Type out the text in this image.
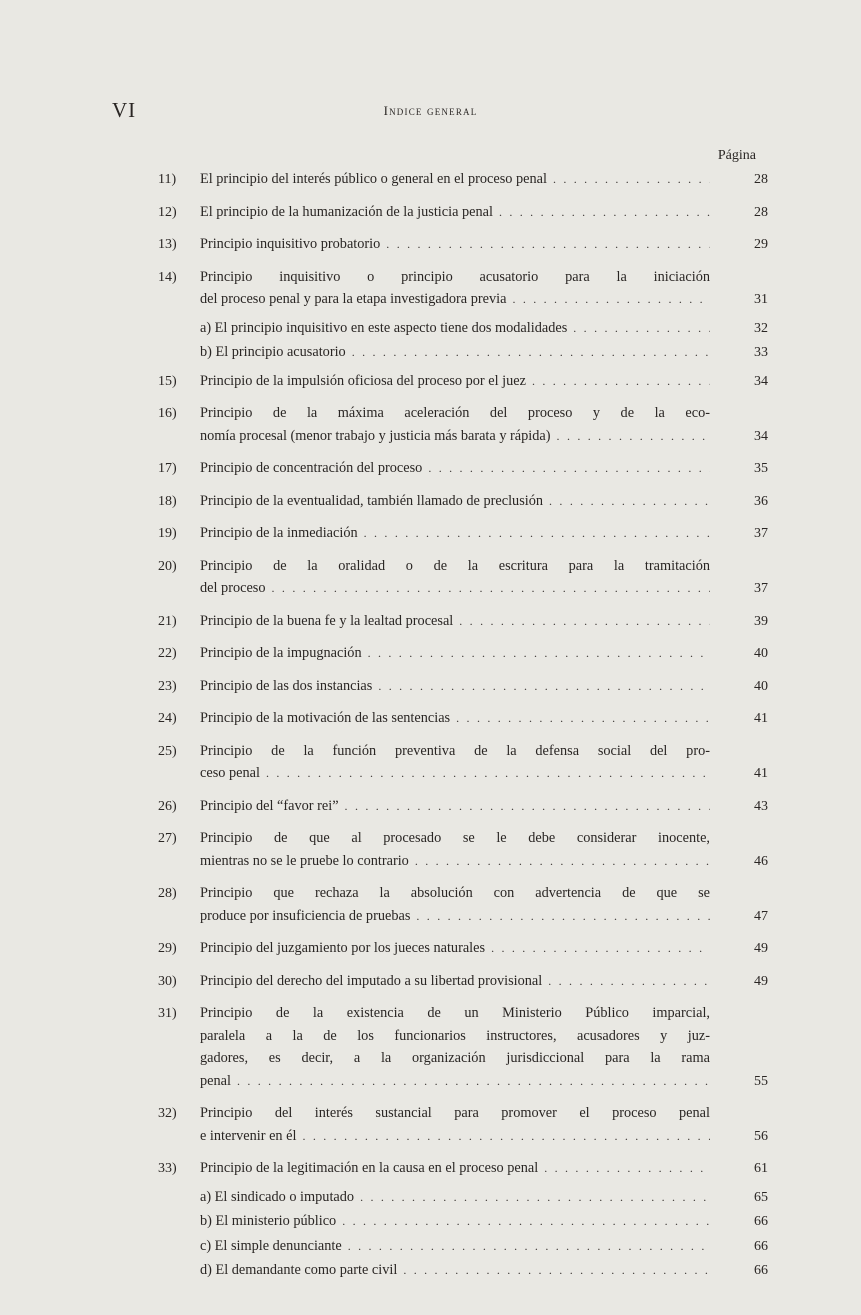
VI	Indice general
Página
11)	El principio del interés público o general en el proceso penal . . .	28
12)	El principio de la humanización de la justicia penal . . .	28
13)	Principio inquisitivo probatorio . . .	29
14)	Principio inquisitivo o principio acusatorio para la iniciación
del proceso penal y para la etapa investigadora previa . . .	31
a) El principio inquisitivo en este aspecto tiene dos modalidades . . .	32
b) El principio acusatorio . . .	33
15)	Principio de la impulsión oficiosa del proceso por el juez . . .	34
16)	Principio de la máxima aceleración del proceso y de la eco-
nomía procesal (menor trabajo y justicia más barata y rápida) . . .	34
17)	Principio de concentración del proceso . . .	35
18)	Principio de la eventualidad, también llamado de preclusión . . .	36
19)	Principio de la inmediación . . .	37
20)	Principio de la oralidad o de la escritura para la tramitación
del proceso . . .	37
21)	Principio de la buena fe y la lealtad procesal . . .	39
22)	Principio de la impugnación . . .	40
23)	Principio de las dos instancias . . .	40
24)	Principio de la motivación de las sentencias . . .	41
25)	Principio de la función preventiva de la defensa social del pro-
ceso penal . . .	41
26)	Principio del “favor rei” . . .	43
27)	Principio de que al procesado se le debe considerar inocente,
mientras no se le pruebe lo contrario . . .	46
28)	Principio que rechaza la absolución con advertencia de que se
produce por insuficiencia de pruebas . . .	47
29)	Principio del juzgamiento por los jueces naturales . . .	49
30)	Principio del derecho del imputado a su libertad provisional . . .	49
31)	Principio de la existencia de un Ministerio Público imparcial,
paralela a la de los funcionarios instructores, acusadores y juz-
gadores, es decir, a la organización jurisdiccional para la rama
penal . . .	55
32)	Principio del interés sustancial para promover el proceso penal
e intervenir en él . . .	56
33)	Principio de la legitimación en la causa en el proceso penal . . .	61
a) El sindicado o imputado . . .	65
b) El ministerio público . . .	66
c) El simple denunciante . . .	66
d) El demandante como parte civil . . .	66
